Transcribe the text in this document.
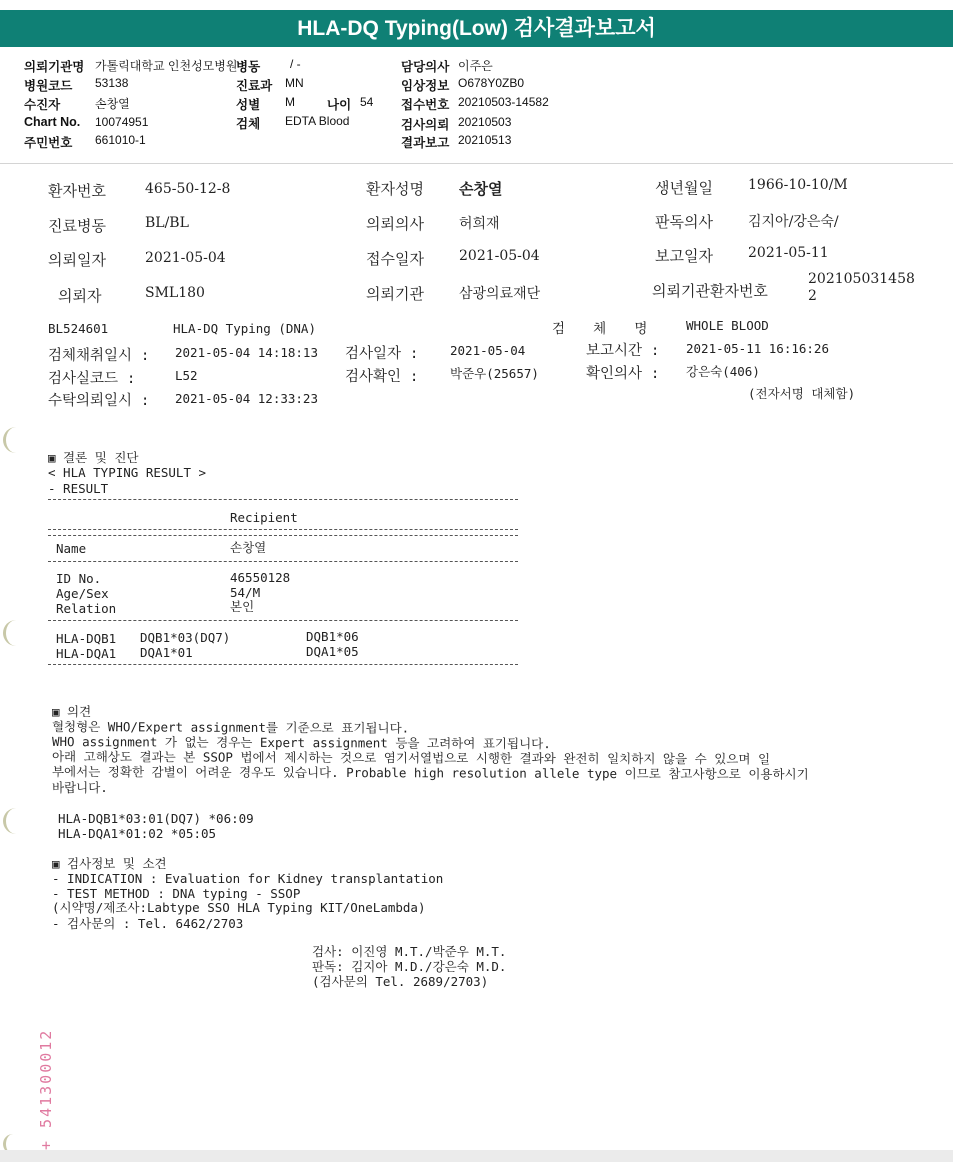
HLA-DQ Typing(Low) 검사결과보고서
의뢰기관명 가톨릭대학교 인천성모병원
병동 / -	담당의사 이주은
병원코드 53138	진료과 MN	임상정보 O678Y0ZB0
수진자	손창열	성별 M	나이 54 접수번호 20210503-14582
Chart No. 10074951	검체 EDTA Blood	검사의뢰 20210503
주민번호 661010-1	결과보고 20210513
환자번호	465-50-12-8	환자성명 손창열	생년월일	1966-10-10/M
진료병동	BL/BL	의뢰의사	허희재	판독의사	김지아/강은숙/
의뢰일자	2021-05-04	접수일자	2021-05-04	보고일자	2021-05-11
의뢰자	SML180	의뢰기관	삼광의료재단	의뢰기관환자번호
202105031458
2
BL524601	HLA-DQ Typing (DNA)	검 체 명 WHOLE BLOOD
검체채취일시 : 2021-05-04 14:18:13 검사일자 :	2021-05-04	보고시간 : 2021-05-11 16:16:26
검사실코드 :	L52	검사확인 :	박준우(25657)	확인의사 : 강은숙(406)
수탁의뢰일시 : 2021-05-04 12:33:23	(전자서명 대체함)
▣ 결론 및 진단
< HLA TYPING RESULT >
- RESULT
Recipient
Name	손창열
ID No.	46550128
Age/Sex	54/M
Relation	본인
HLA-DQB1 DQB1*03(DQ7)	DQB1*06
HLA-DQA1 DQA1*01	DQA1*05
▣ 의견
혈청형은 WHO/Expert assignment를 기준으로 표기됩니다.
WHO assignment 가 없는 경우는 Expert assignment 등을 고려하여 표기됩니다.
아래 고해상도 결과는 본 SSOP 법에서 제시하는 것으로 염기서열법으로 시행한 결과와 완전히 일치하지 않을 수 있으며 일
부에서는 정확한 감별이 어려운 경우도 있습니다. Probable high resolution allele type 이므로 참고사항으로 이용하시기
바랍니다.
HLA-DQB1*03:01(DQ7) *06:09
HLA-DQA1*01:02 *05:05
▣ 검사정보 및 소견
- INDICATION : Evaluation for Kidney transplantation
- TEST METHOD : DNA typing - SSOP
(시약명/제조사:Labtype SSO HLA Typing KIT/OneLambda)
- 검사문의 : Tel. 6462/2703
검사: 이진영 M.T./박준우 M.T.
판독: 김지아 M.D./강은숙 M.D.
(검사문의 Tel. 2689/2703)
+ 541300012
